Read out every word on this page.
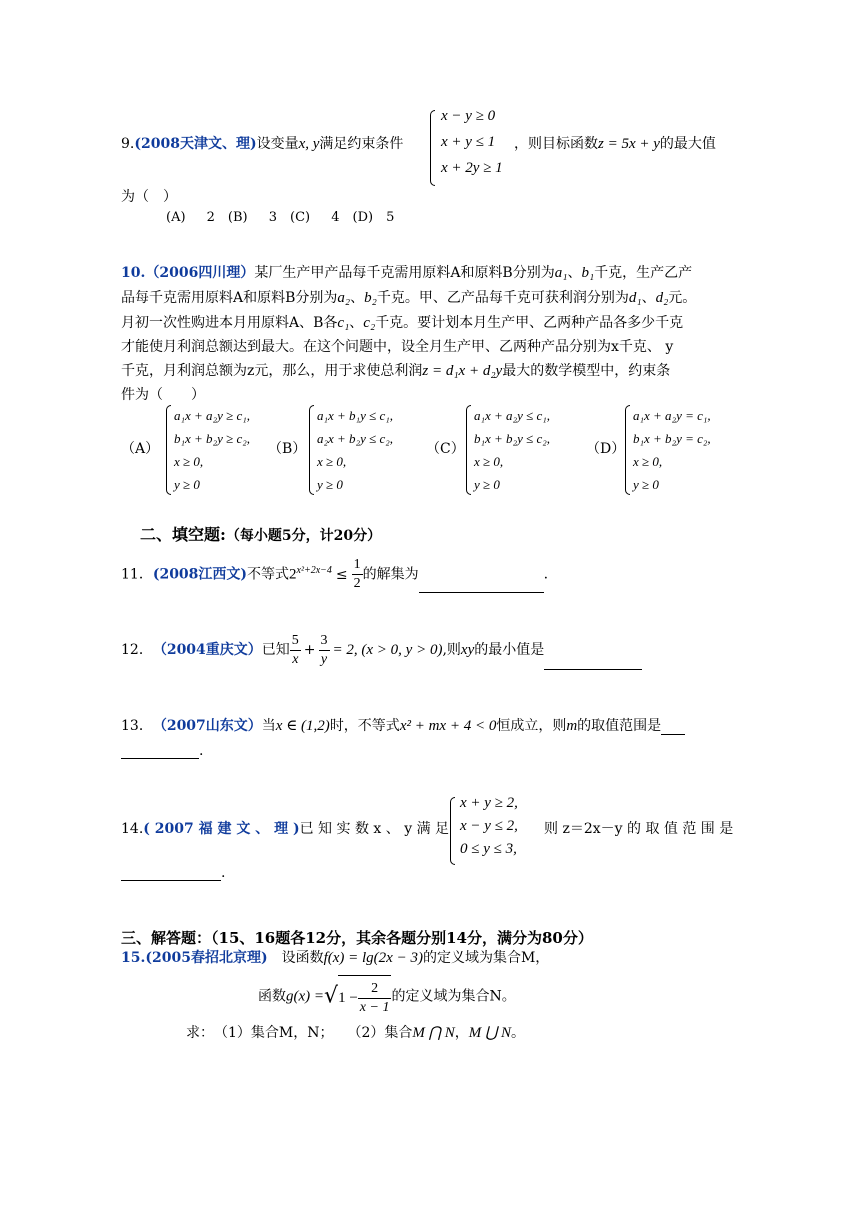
9.(2008天津文、理)设变量x, y满足约束条件
x − y ≥ 0
x + y ≤ 1
x + 2y ≥ 1
，则目标函数z = 5x + y的最大值
为（　）
(A)　 2　(B)　 3　(C)　 4　(D)　5
10.（2006四川理）某厂生产甲产品每千克需用原料A和原料B分别为a₁、b₁千克，生产乙产
品每千克需用原料A和原料B分别为a₂、b₂千克。甲、乙产品每千克可获利润分别为d₁、d₂元。
月初一次性购进本月用原料A、B各c₁、c₂千克。要计划本月生产甲、乙两种产品各多少千克
才能使月利润总额达到最大。在这个问题中，设全月生产甲、乙两种产品分别为x千克、 y
千克，月利润总额为z元，那么，用于求使总利润z = d₁x + d₂y最大的数学模型中，约束条
件为（　　）
（A）
a₁x + a₂y ≥ c₁,
b₁x + b₂y ≥ c₂,
x ≥ 0,
y ≥ 0
（B）
a₁x + b₁y ≤ c₁,
a₂x + b₂y ≤ c₂,
x ≥ 0,
y ≥ 0
（C）
a₁x + a₂y ≤ c₁,
b₁x + b₂y ≤ c₂,
x ≥ 0,
y ≥ 0
（D）
a₁x + a₂y = c₁,
b₁x + b₂y = c₂,
x ≥ 0,
y ≥ 0
二、填空题:（每小题5分，计20分）
11．(2008江西文)不等式$2^{x^2+2x-4} \le \frac{1}{2}$ 的解集为	.
12．　 （2004重庆文）已知 $\frac{5}{x} + \frac{3}{y} = 2$, (x > 0, y > 0),则xy的最小值是
13．　 （2007山东文）当x ∈ (1,2)时，不等式x² + mx + 4 < 0恒成立，则m的取值范围是
.
14.( 2007 福 建 文 、 理 )已 知 实 数 x 、 y 满 足
x + y ≥ 2,
x − y ≤ 2,
0 ≤ y ≤ 3,
则 z＝2x－y 的 取 值 范 围 是
.
三、解答题：（15、16题各12分，其余各题分别14分，满分为80分）
15.(2005春招北京理)　 设函数f(x) = lg(2x − 3)的定义域为集合M，
函数$g(x) =√1 - \frac{2}{x - 1}$ 的定义域为集合N。
求：　（1）集合M，N；　　（2）集合M ⋂ N，M ⋃ N。
